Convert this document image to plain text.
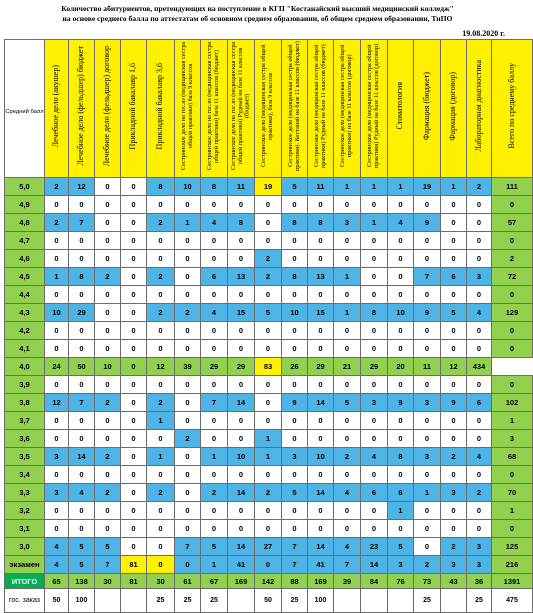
Количество абитуриентов, претендующих на поступление в КГП "Костанайский высший медицинский колледж"
на основе среднего балла по аттестатам об основном среднем образовании, об общем среднем образовании, ТиПО
19.08.2020 г.
Средний балл	Лечебное дело (акушер)	Лечебное дело (фельдшер) бюджет	Лечебное дело (фельдшер) договор	Прикладной бакалавр 1,6	Прикладной бакалавр 3,6	Сестринское дело на гос.яз (медицинская сестра общей практики) база 9 классов	Сестринское дело на гос.яз (медицинская сестра общей практики) база 11 классов (бюджет)	Сестринское дело на гос.яз (медицинская сестра общей практики) Рудный на базе 11 классов (бюджет)	Сестринское дело (медицинская сестра общей практики), база 9 классов	Сестринское дело (медицинская сестра общей практики). Костанай на базе 11 классов (бюджет)	Сестринское дело (медицинская сестра общей практики) Рудный на базе 11 классов (бюджет)	Сестринское дело (медицинская сестра общей практики) на базе 11 классов (договор)	Сестринское дело (медицинская сестра общей практики) Рудный на базе 11 классов (договор)	Стоматология	Фармация (бюджет)	Фармация (договор)	Лабораторная диагностика	Всего по среднему баллу
5,0	2	12	0	0	8	10	8	11	19	5	11	1	1	1	19	1	2	111
4,9	0	0	0	0	0	0	0	0	0	0	0	0	0	0	0	0	0	0
4,8	2	7	0	0	2	1	4	8	0	8	8	3	1	4	9	0	0	57
4,7	0	0	0	0	0	0	0	0	0	0	0	0	0	0	0	0	0	0
4,6	0	0	0	0	0	0	0	0	2	0	0	0	0	0	0	0	0	2
4,5	1	8	2	0	2	0	6	13	2	8	13	1	0	0	7	6	3	72
4,4	0	0	0	0	0	0	0	0	0	0	0	0	0	0	0	0	0	0
4,3	10	29	0	0	2	2	4	15	5	10	15	1	8	10	9	5	4	129
4,2	0	0	0	0	0	0	0	0	0	0	0	0	0	0	0	0	0	0
4,1	0	0	0	0	0	0	0	0	0	0	0	0	0	0	0	0	0	0
4,0	24	50	10	0	12	39	29	29	83	26	29	21	29	20	11	12	434	
3,9	0	0	0	0	0	0	0	0	0	0	0	0	0	0	0	0	0	0
3,8	12	7	2	0	2	0	7	14	0	9	14	5	3	9	3	9	6	102
3,7	0	0	0	0	1	0	0	0	0	0	0	0	0	0	0	0	0	1
3,6	0	0	0	0	0	2	0	0	1	0	0	0	0	0	0	0	0	3
3,5	3	14	2	0	1	0	1	10	1	3	10	2	4	8	3	2	4	68
3,4	0	0	0	0	0	0	0	0	0	0	0	0	0	0	0	0	0	0
3,3	3	4	2	0	2	0	2	14	2	5	14	4	6	6	1	3	2	70
3,2	0	0	0	0	0	0	0	0	0	0	0	0	0	1	0	0	0	1
3,1	0	0	0	0	0	0	0	0	0	0	0	0	0	0	0	0	0	0
3,0	4	5	5	0	0	7	5	14	27	7	14	4	23	5	0	2	3	125
экзамен	4	5	7	81	0	0	1	41	0	7	41	7	14	3	2	3	3	216
ИТОГО	65	138	30	81	30	61	67	169	142	88	169	39	84	76	73	43	36	1391
гос. заказ	50	100			25	25	25		50	25	100				25		25	475
